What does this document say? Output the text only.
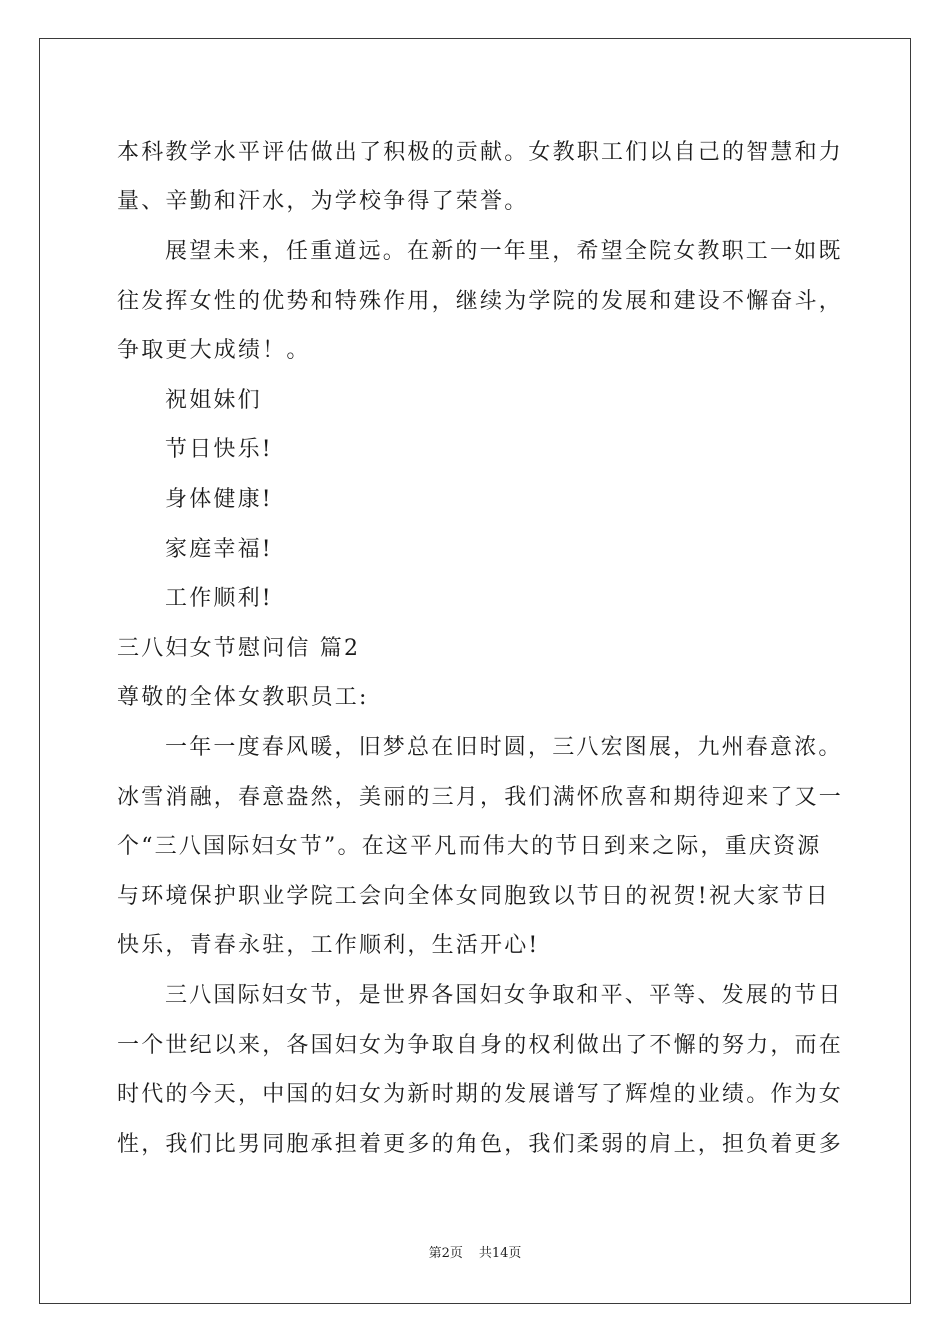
本科教学水平评估做出了积极的贡献。女教职工们以自己的智慧和力
量、辛勤和汗水，为学校争得了荣誉。
展望未来，任重道远。在新的一年里，希望全院女教职工一如既
往发挥女性的优势和特殊作用，继续为学院的发展和建设不懈奋斗，
争取更大成绩！。
祝姐妹们
节日快乐!
身体健康!
家庭幸福!
工作顺利!
三八妇女节慰问信 篇2
尊敬的全体女教职员工:
一年一度春风暖，旧梦总在旧时圆，三八宏图展，九州春意浓。
冰雪消融，春意盎然，美丽的三月，我们满怀欣喜和期待迎来了又一
个“三八国际妇女节”。在这平凡而伟大的节日到来之际，重庆资源
与环境保护职业学院工会向全体女同胞致以节日的祝贺!祝大家节日
快乐，青春永驻，工作顺利，生活开心!
三八国际妇女节，是世界各国妇女争取和平、平等、发展的节日
一个世纪以来，各国妇女为争取自身的权利做出了不懈的努力，而在
时代的今天，中国的妇女为新时期的发展谱写了辉煌的业绩。作为女
性，我们比男同胞承担着更多的角色，我们柔弱的肩上，担负着更多
第2页 共14页
